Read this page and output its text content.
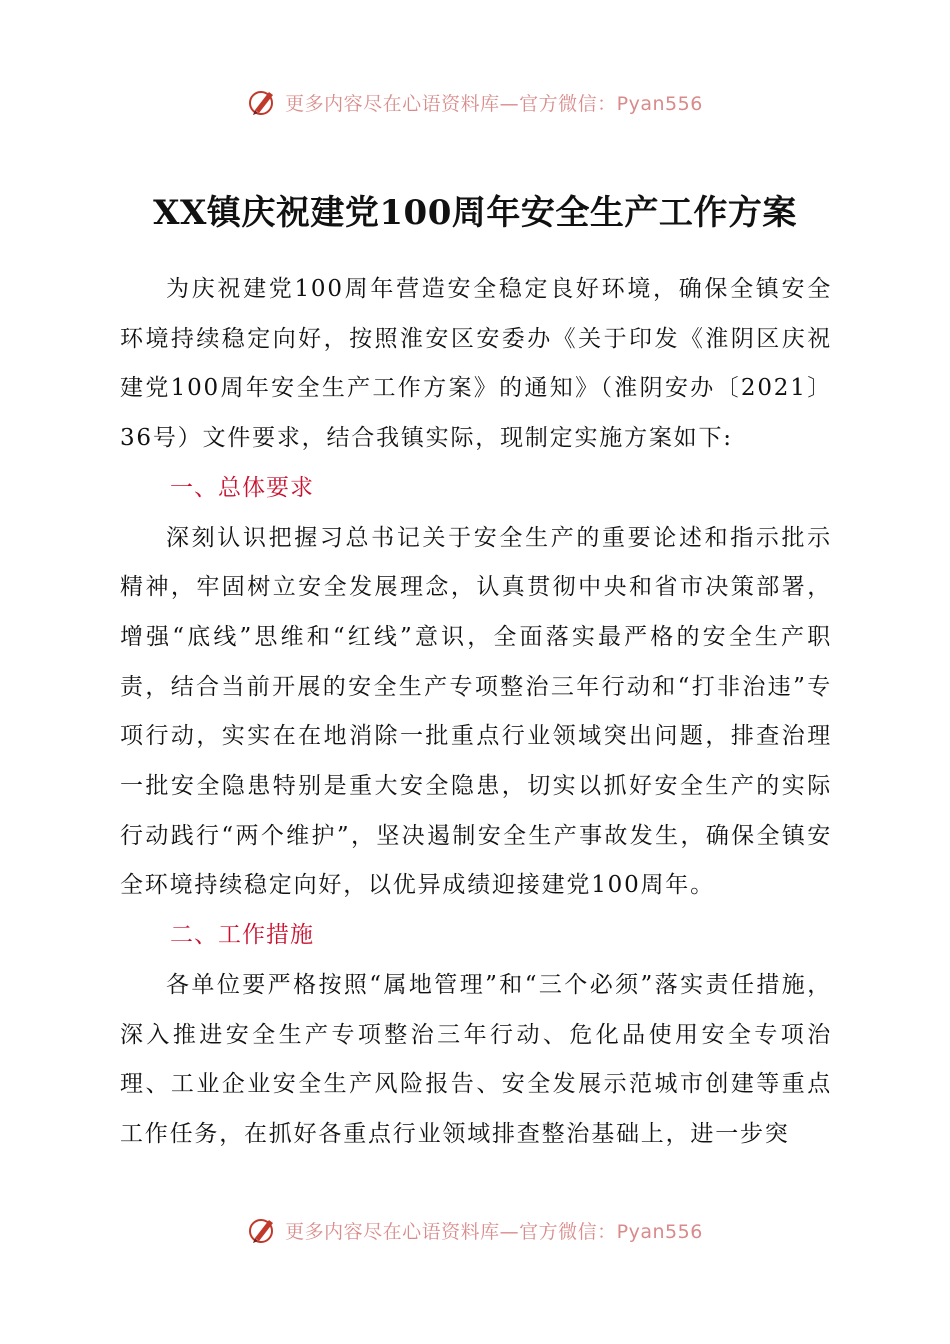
更多内容尽在心语资料库—官方微信：Pyan556
XX镇庆祝建党100周年安全生产工作方案

为庆祝建党100周年营造安全稳定良好环境，确保全镇安全环境持续稳定向好，按照淮安区安委办《关于印发《淮阴区庆祝建党100周年安全生产工作方案》的通知》（淮阴安办〔2021〕36号）文件要求，结合我镇实际，现制定实施方案如下:

一、总体要求

深刻认识把握习总书记关于安全生产的重要论述和指示批示精神，牢固树立安全发展理念，认真贯彻中央和省市决策部署，增强“底线”思维和“红线”意识，全面落实最严格的安全生产职责，结合当前开展的安全生产专项整治三年行动和“打非治违”专项行动，实实在在地消除一批重点行业领域突出问题，排查治理一批安全隐患特别是重大安全隐患，切实以抓好安全生产的实际行动践行“两个维护”，坚决遏制安全生产事故发生，确保全镇安全环境持续稳定向好，以优异成绩迎接建党100周年。

二、工作措施

各单位要严格按照“属地管理”和“三个必须”落实责任措施，深入推进安全生产专项整治三年行动、危化品使用安全专项治理、工业企业安全生产风险报告、安全发展示范城市创建等重点工作任务，在抓好各重点行业领域排查整治基础上，进一步突

更多内容尽在心语资料库—官方微信：Pyan556
